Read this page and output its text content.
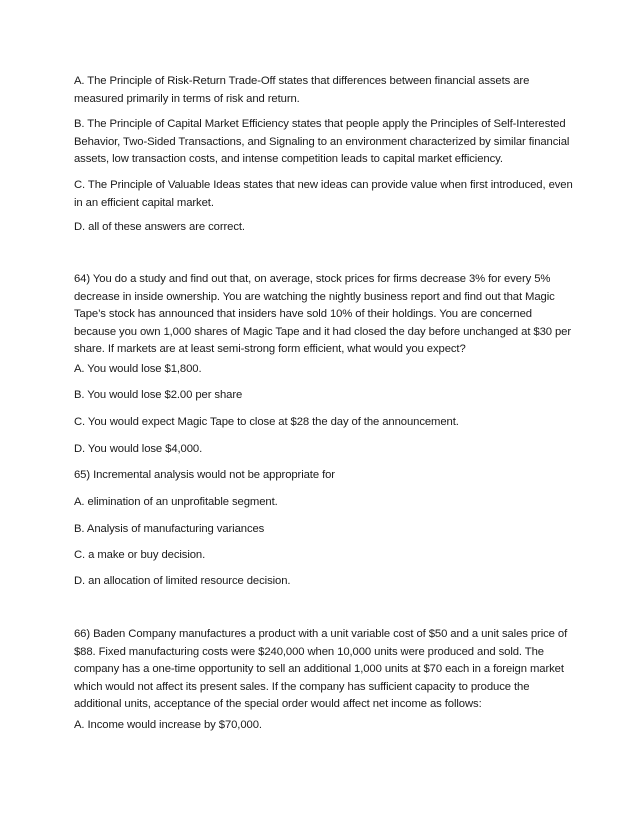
A. The Principle of Risk-Return Trade-Off states that differences between financial assets are measured primarily in terms of risk and return.

B. The Principle of Capital Market Efficiency states that people apply the Principles of Self-Interested Behavior, Two-Sided Transactions, and Signaling to an environment characterized by similar financial assets, low transaction costs, and intense competition leads to capital market efficiency.

C. The Principle of Valuable Ideas states that new ideas can provide value when first introduced, even in an efficient capital market.

D. all of these answers are correct.

64) You do a study and find out that, on average, stock prices for firms decrease 3% for every 5% decrease in inside ownership. You are watching the nightly business report and find out that Magic Tape’s stock has announced that insiders have sold 10% of their holdings. You are concerned because you own 1,000 shares of Magic Tape and it had closed the day before unchanged at $30 per share. If markets are at least semi-strong form efficient, what would you expect?

A. You would lose $1,800.

B. You would lose $2.00 per share

C. You would expect Magic Tape to close at $28 the day of the announcement.

D. You would lose $4,000.

65) Incremental analysis would not be appropriate for

A. elimination of an unprofitable segment.

B. Analysis of manufacturing variances

C. a make or buy decision.

D. an allocation of limited resource decision.

66) Baden Company manufactures a product with a unit variable cost of $50 and a unit sales price of $88. Fixed manufacturing costs were $240,000 when 10,000 units were produced and sold. The company has a one-time opportunity to sell an additional 1,000 units at $70 each in a foreign market which would not affect its present sales. If the company has sufficient capacity to produce the additional units, acceptance of the special order would affect net income as follows:

A. Income would increase by $70,000.
